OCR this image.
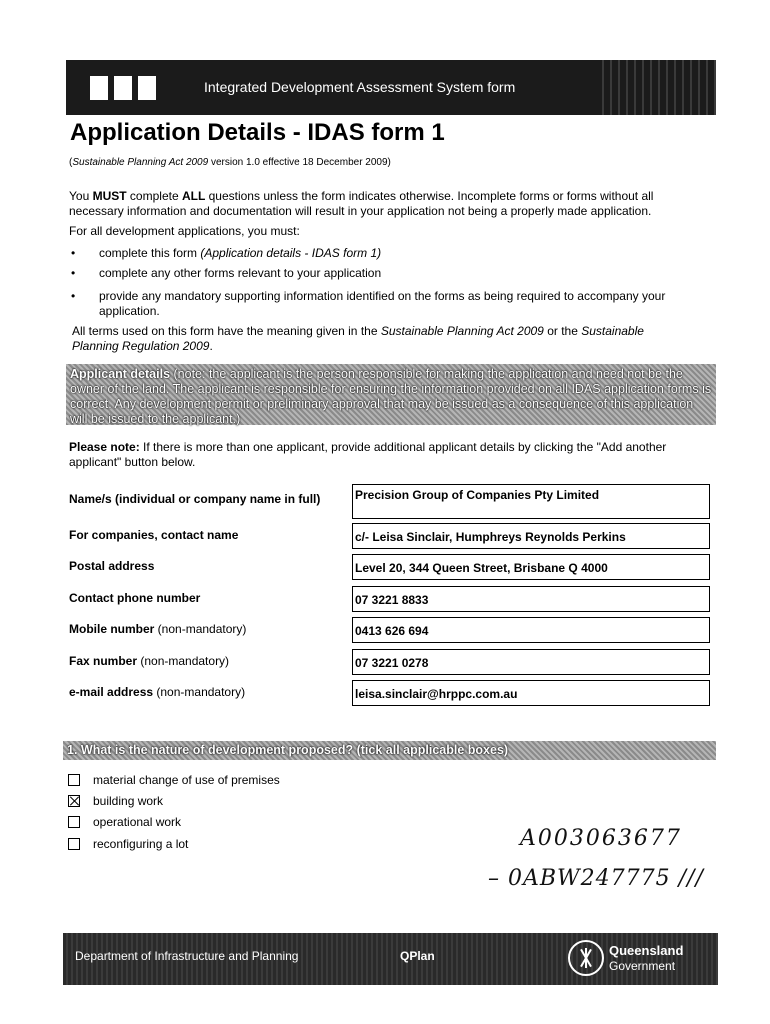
Integrated Development Assessment System form
Application Details - IDAS form 1
(Sustainable Planning Act 2009 version 1.0 effective 18 December 2009)
You MUST complete ALL questions unless the form indicates otherwise. Incomplete forms or forms without all necessary information and documentation will result in your application not being a properly made application.
For all development applications, you must:
• complete this form (Application details - IDAS form 1)
• complete any other forms relevant to your application
• provide any mandatory supporting information identified on the forms as being required to accompany your application.
All terms used on this form have the meaning given in the Sustainable Planning Act 2009 or the Sustainable Planning Regulation 2009.
Applicant details (note: the applicant is the person responsible for making the application and need not be the owner of the land. The applicant is responsible for ensuring the information provided on all IDAS application forms is correct. Any development permit or preliminary approval that may be issued as a consequence of this application will be issued to the applicant.)
Please note: If there is more than one applicant, provide additional applicant details by clicking the "Add another applicant" button below.
Name/s (individual or company name in full)	Precision Group of Companies Pty Limited
For companies, contact name	c/- Leisa Sinclair, Humphreys Reynolds Perkins
Postal address	Level 20, 344 Queen Street, Brisbane Q 4000
Contact phone number	07 3221 8833
Mobile number (non-mandatory)	0413 626 694
Fax number (non-mandatory)	07 3221 0278
e-mail address (non-mandatory)	leisa.sinclair@hrppc.com.au
1. What is the nature of development proposed? (tick all applicable boxes)
material change of use of premises
building work
operational work
reconfiguring a lot	A003063677
– 0ABW247775 ///
Department of Infrastructure and Planning	QPlan	Queensland
Government
